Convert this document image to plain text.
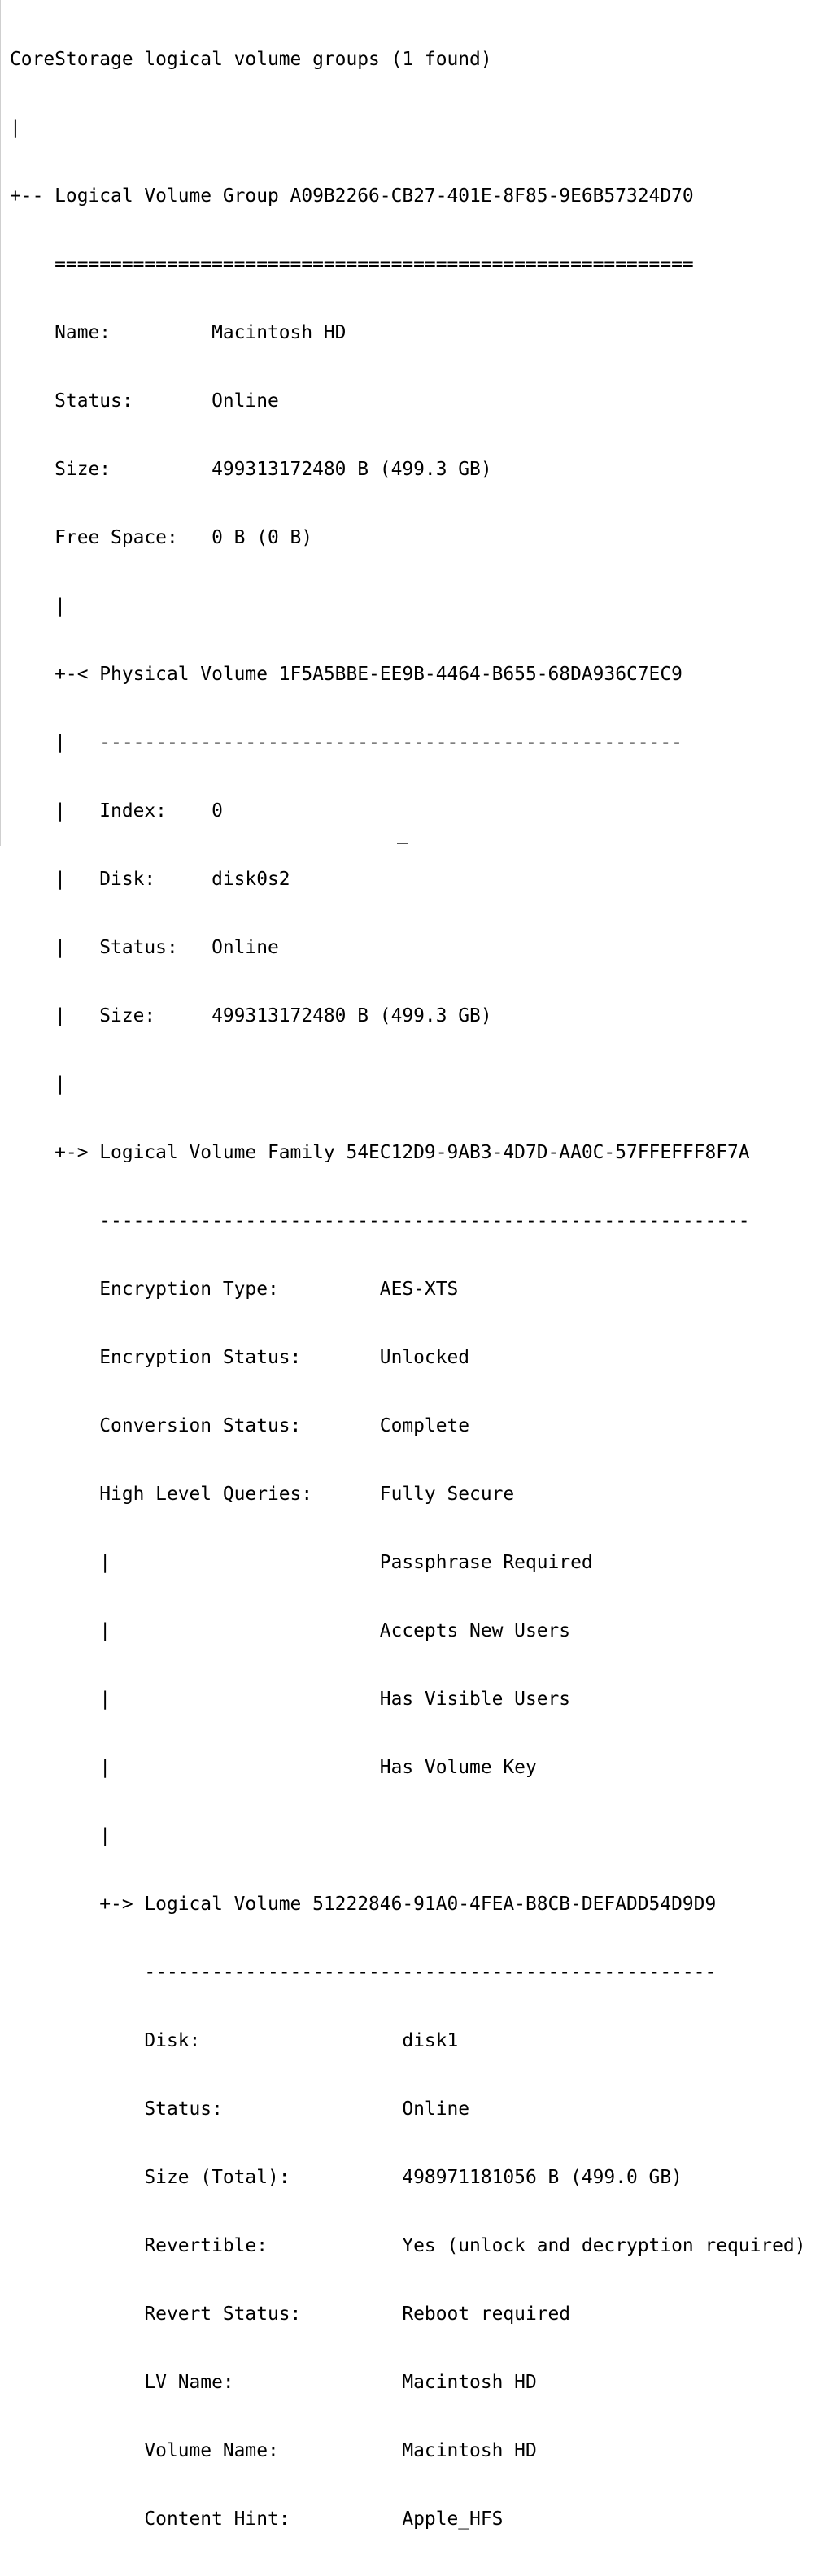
CoreStorage logical volume groups (1 found)

|

+-- Logical Volume Group A09B2266-CB27-401E-8F85-9E6B57324D70

=========================================================

Name:         Macintosh HD

Status:       Online

Size:         499313172480 B (499.3 GB)

Free Space:   0 B (0 B)

|

+-< Physical Volume 1F5A5BBE-EE9B-4464-B655-68DA936C7EC9

|   ----------------------------------------------------

|   Index:    0

|   Disk:     disk0s2

|   Status:   Online

|   Size:     499313172480 B (499.3 GB)

|

+-> Logical Volume Family 54EC12D9-9AB3-4D7D-AA0C-57FFEFFF8F7A

----------------------------------------------------------

Encryption Type:         AES-XTS

Encryption Status:       Unlocked

Conversion Status:       Complete

High Level Queries:      Fully Secure

|                        Passphrase Required

|                        Accepts New Users

|                        Has Visible Users

|                        Has Volume Key

|

+-> Logical Volume 51222846-91A0-4FEA-B8CB-DEFADD54D9D9

---------------------------------------------------

Disk:                  disk1

Status:                Online

Size (Total):          498971181056 B (499.0 GB)

Revertible:            Yes (unlock and decryption required)

Revert Status:         Reboot required

LV Name:               Macintosh HD

Volume Name:           Macintosh HD

Content Hint:          Apple_HFS
